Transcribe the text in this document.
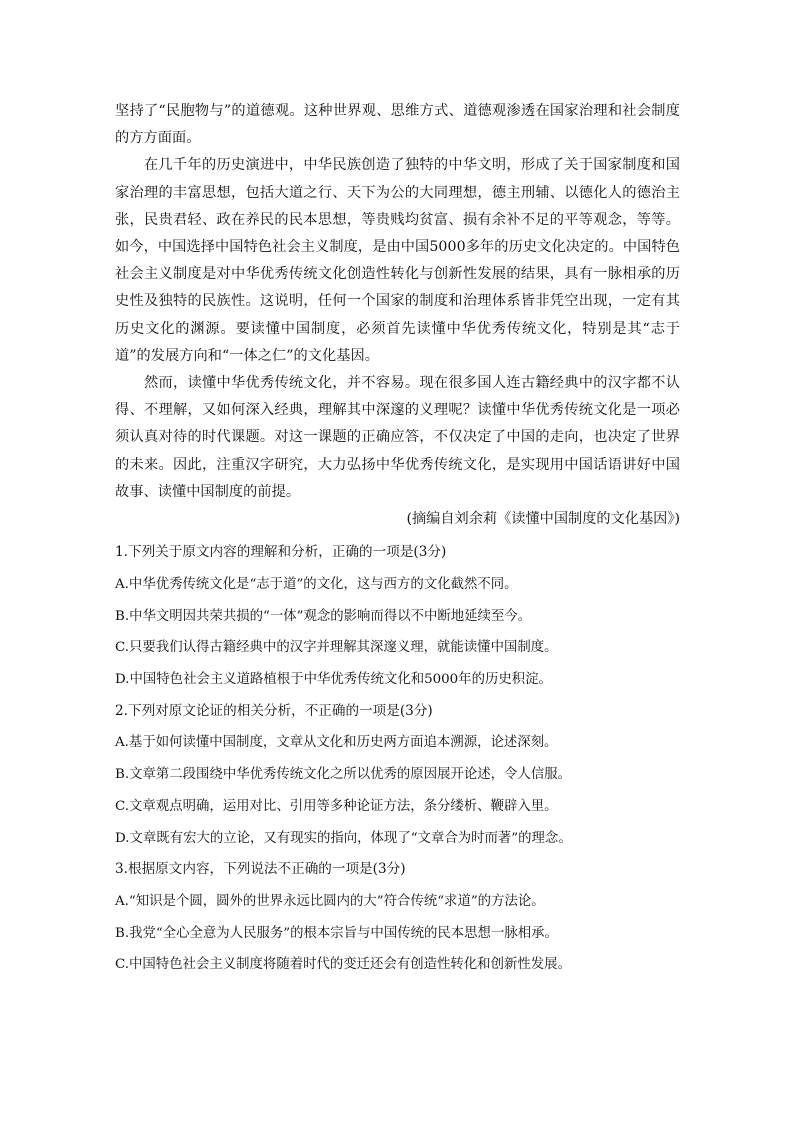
坚持了“民胞物与”的道德观。这种世界观、思维方式、道德观渗透在国家治理和社会制度的方方面面。

在几千年的历史演进中，中华民族创造了独特的中华文明，形成了关于国家制度和国家治理的丰富思想，包括大道之行、天下为公的大同理想，德主刑辅、以德化人的德治主张，民贵君轻、政在养民的民本思想，等贵贱均贫富、损有余补不足的平等观念，等等。如今，中国选择中国特色社会主义制度，是由中国5000多年的历史文化决定的。中国特色社会主义制度是对中华优秀传统文化创造性转化与创新性发展的结果，具有一脉相承的历史性及独特的民族性。这说明，任何一个国家的制度和治理体系皆非凭空出现，一定有其历史文化的渊源。要读懂中国制度，必须首先读懂中华优秀传统文化，特别是其“志于道”的发展方向和“一体之仁”的文化基因。

然而，读懂中华优秀传统文化，并不容易。现在很多国人连古籍经典中的汉字都不认得、不理解，又如何深入经典，理解其中深邃的义理呢？读懂中华优秀传统文化是一项必须认真对待的时代课题。对这一课题的正确应答，不仅决定了中国的走向，也决定了世界的未来。因此，注重汉字研究，大力弘扬中华优秀传统文化，是实现用中国话语讲好中国故事、读懂中国制度的前提。

(摘编自刘余莉《读懂中国制度的文化基因》)

1.下列关于原文内容的理解和分析，正确的一项是(3分)

A.中华优秀传统文化是“志于道”的文化，这与西方的文化截然不同。

B.中华文明因共荣共损的“一体”观念的影响而得以不中断地延续至今。

C.只要我们认得古籍经典中的汉字并理解其深邃义理，就能读懂中国制度。

D.中国特色社会主义道路植根于中华优秀传统文化和5000年的历史积淀。

2.下列对原文论证的相关分析，不正确的一项是(3分)

A.基于如何读懂中国制度，文章从文化和历史两方面追本溯源，论述深刻。

B.文章第二段围绕中华优秀传统文化之所以优秀的原因展开论述，令人信服。

C.文章观点明确，运用对比、引用等多种论证方法，条分缕析、鞭辟入里。

D.文章既有宏大的立论，又有现实的指向，体现了“文章合为时而著”的理念。

3.根据原文内容，下列说法不正确的一项是(3分)

A.“知识是个圆，圆外的世界永远比圆内的大”符合传统“求道”的方法论。

B.我党“全心全意为人民服务”的根本宗旨与中国传统的民本思想一脉相承。

C.中国特色社会主义制度将随着时代的变迁还会有创造性转化和创新性发展。
